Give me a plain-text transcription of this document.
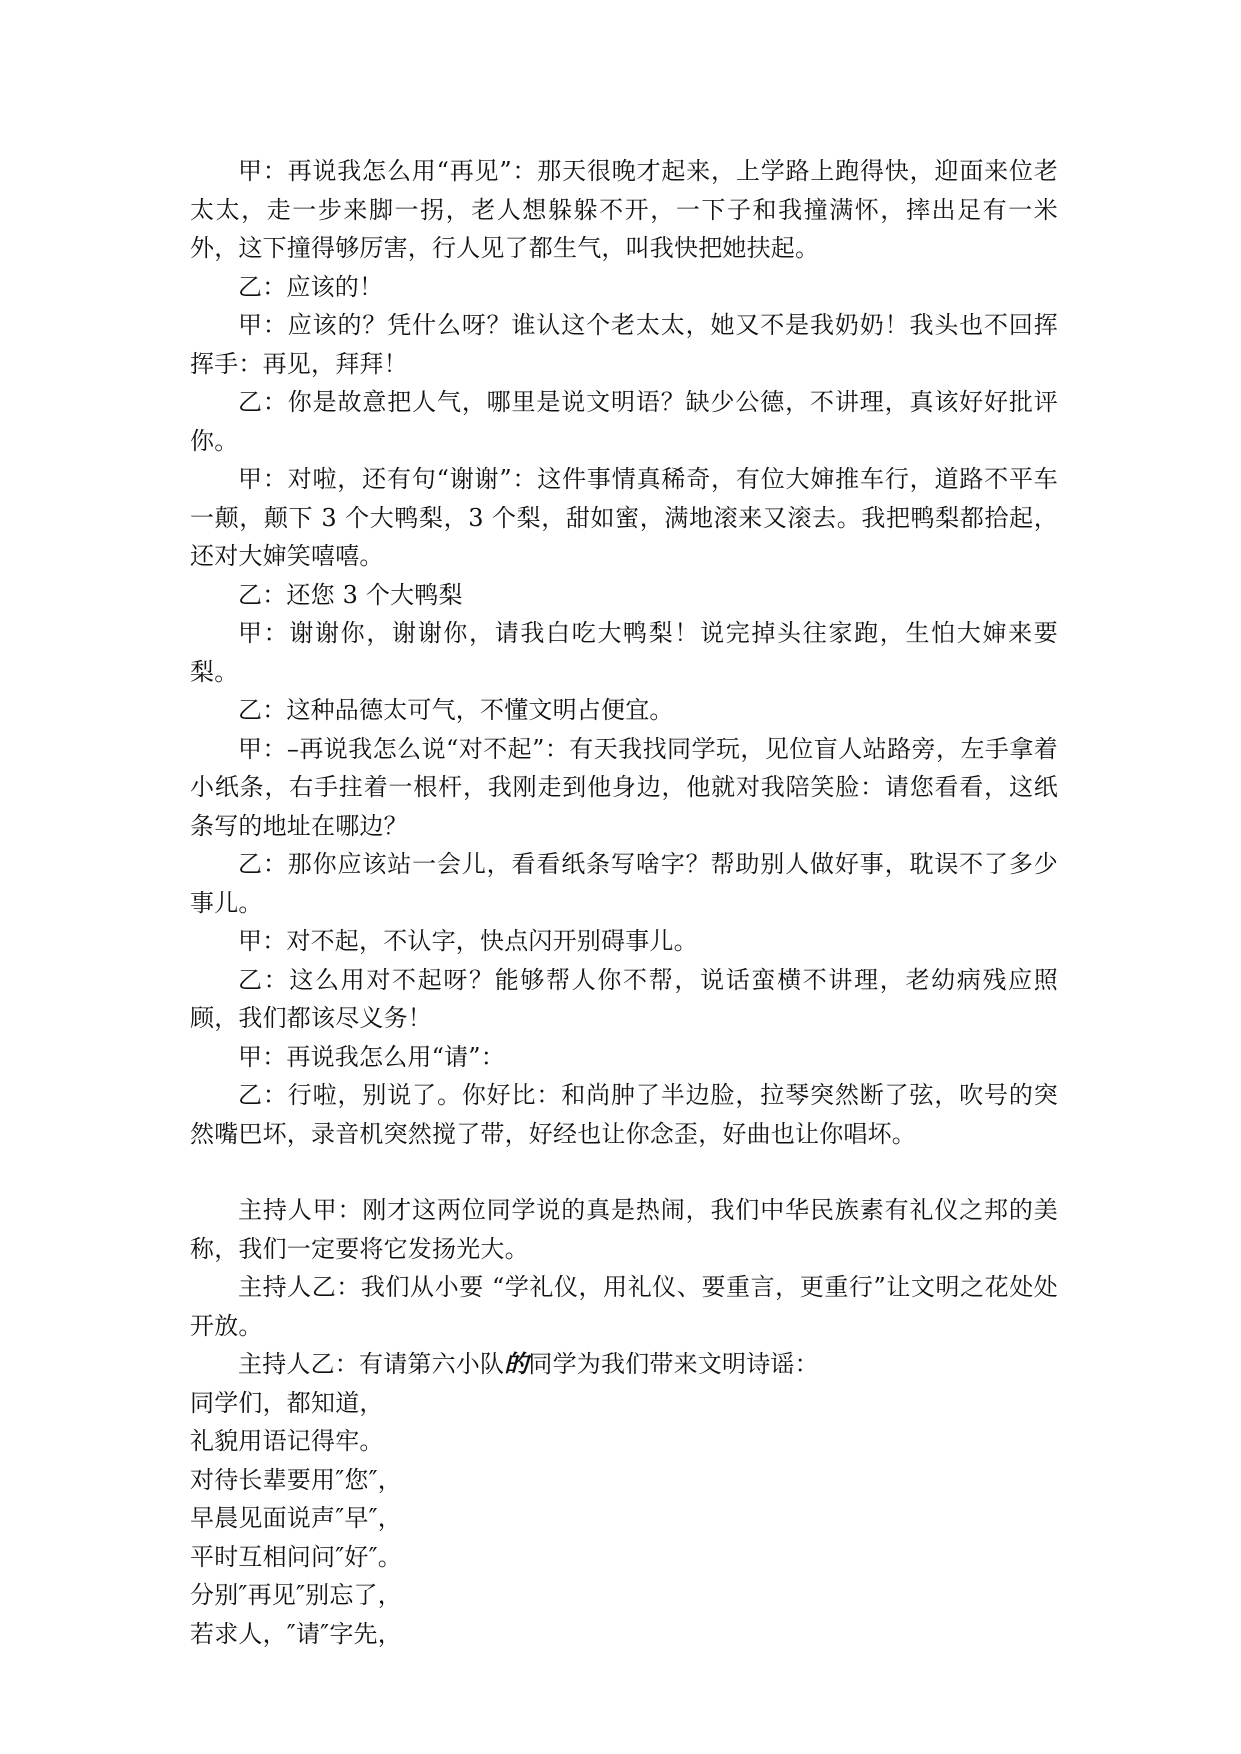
甲：再说我怎么用“再见”：那天很晚才起来，上学路上跑得快，迎面来位老太太，走一步来脚一拐，老人想躲躲不开，一下子和我撞满怀，摔出足有一米外，这下撞得够厉害，行人见了都生气，叫我快把她扶起。

乙：应该的！

甲：应该的？凭什么呀？谁认这个老太太，她又不是我奶奶！我头也不回挥挥手：再见，拜拜！

乙：你是故意把人气，哪里是说文明语？缺少公德，不讲理，真该好好批评你。

甲：对啦，还有句“谢谢”：这件事情真稀奇，有位大婶推车行，道路不平车一颠，颠下 3 个大鸭梨，3 个梨，甜如蜜，满地滚来又滚去。我把鸭梨都拾起，还对大婶笑嘻嘻。

乙：还您 3 个大鸭梨

甲：谢谢你，谢谢你，请我白吃大鸭梨！说完掉头往家跑，生怕大婶来要梨。

乙：这种品德太可气，不懂文明占便宜。

甲：–再说我怎么说“对不起”：有天我找同学玩，见位盲人站路旁，左手拿着小纸条，右手拄着一根杆，我刚走到他身边，他就对我陪笑脸：请您看看，这纸条写的地址在哪边？

乙：那你应该站一会儿，看看纸条写啥字？帮助别人做好事，耽误不了多少事儿。

甲：对不起，不认字，快点闪开别碍事儿。

乙：这么用对不起呀？能够帮人你不帮，说话蛮横不讲理，老幼病残应照顾，我们都该尽义务！

甲：再说我怎么用“请”：

乙：行啦，别说了。你好比：和尚肿了半边脸，拉琴突然断了弦，吹号的突然嘴巴坏，录音机突然搅了带，好经也让你念歪，好曲也让你唱坏。

主持人甲：刚才这两位同学说的真是热闹，我们中华民族素有礼仪之邦的美称，我们一定要将它发扬光大。

主持人乙：我们从小要 “学礼仪，用礼仪、要重言，更重行”让文明之花处处开放。

主持人乙：有请第六小队的同学为我们带来文明诗谣：

同学们，都知道，

礼貌用语记得牢。

对待长辈要用″您″，

早晨见面说声″早″，

平时互相问问″好″。

分别″再见″别忘了，

若求人，″请″字先，
